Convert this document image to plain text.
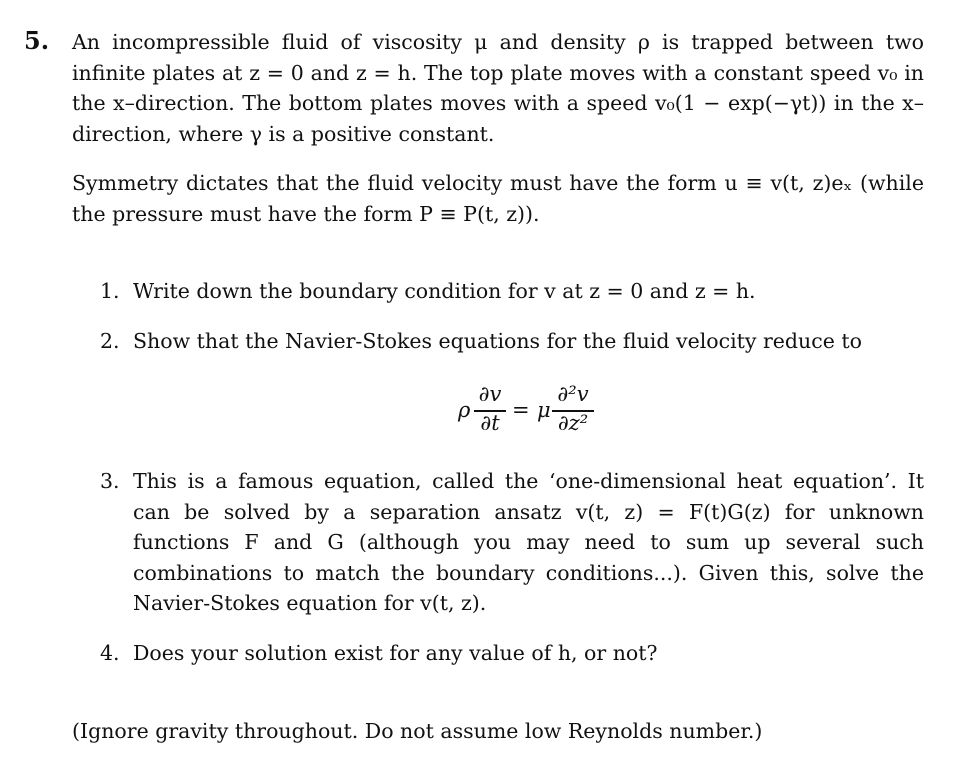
5. An incompressible fluid of viscosity μ and density ρ is trapped between two infinite plates at z = 0 and z = h. The top plate moves with a constant speed v₀ in the x–direction. The bottom plates moves with a speed v₀(1 − exp(−γt)) in the x–direction, where γ is a positive constant.
Symmetry dictates that the fluid velocity must have the form u ≡ v(t, z)eₓ (while the pressure must have the form P ≡ P(t, z)).
1. Write down the boundary condition for v at z = 0 and z = h.
2. Show that the Navier-Stokes equations for the fluid velocity reduce to
ρ
∂v
∂t
= μ
∂²v
∂z²
3. This is a famous equation, called the ‘one-dimensional heat equation’. It can be solved by a separation ansatz v(t, z) = F(t)G(z) for unknown functions F and G (although you may need to sum up several such combinations to match the boundary conditions...). Given this, solve the Navier-Stokes equation for v(t, z).
4. Does your solution exist for any value of h, or not?
(Ignore gravity throughout. Do not assume low Reynolds number.)
